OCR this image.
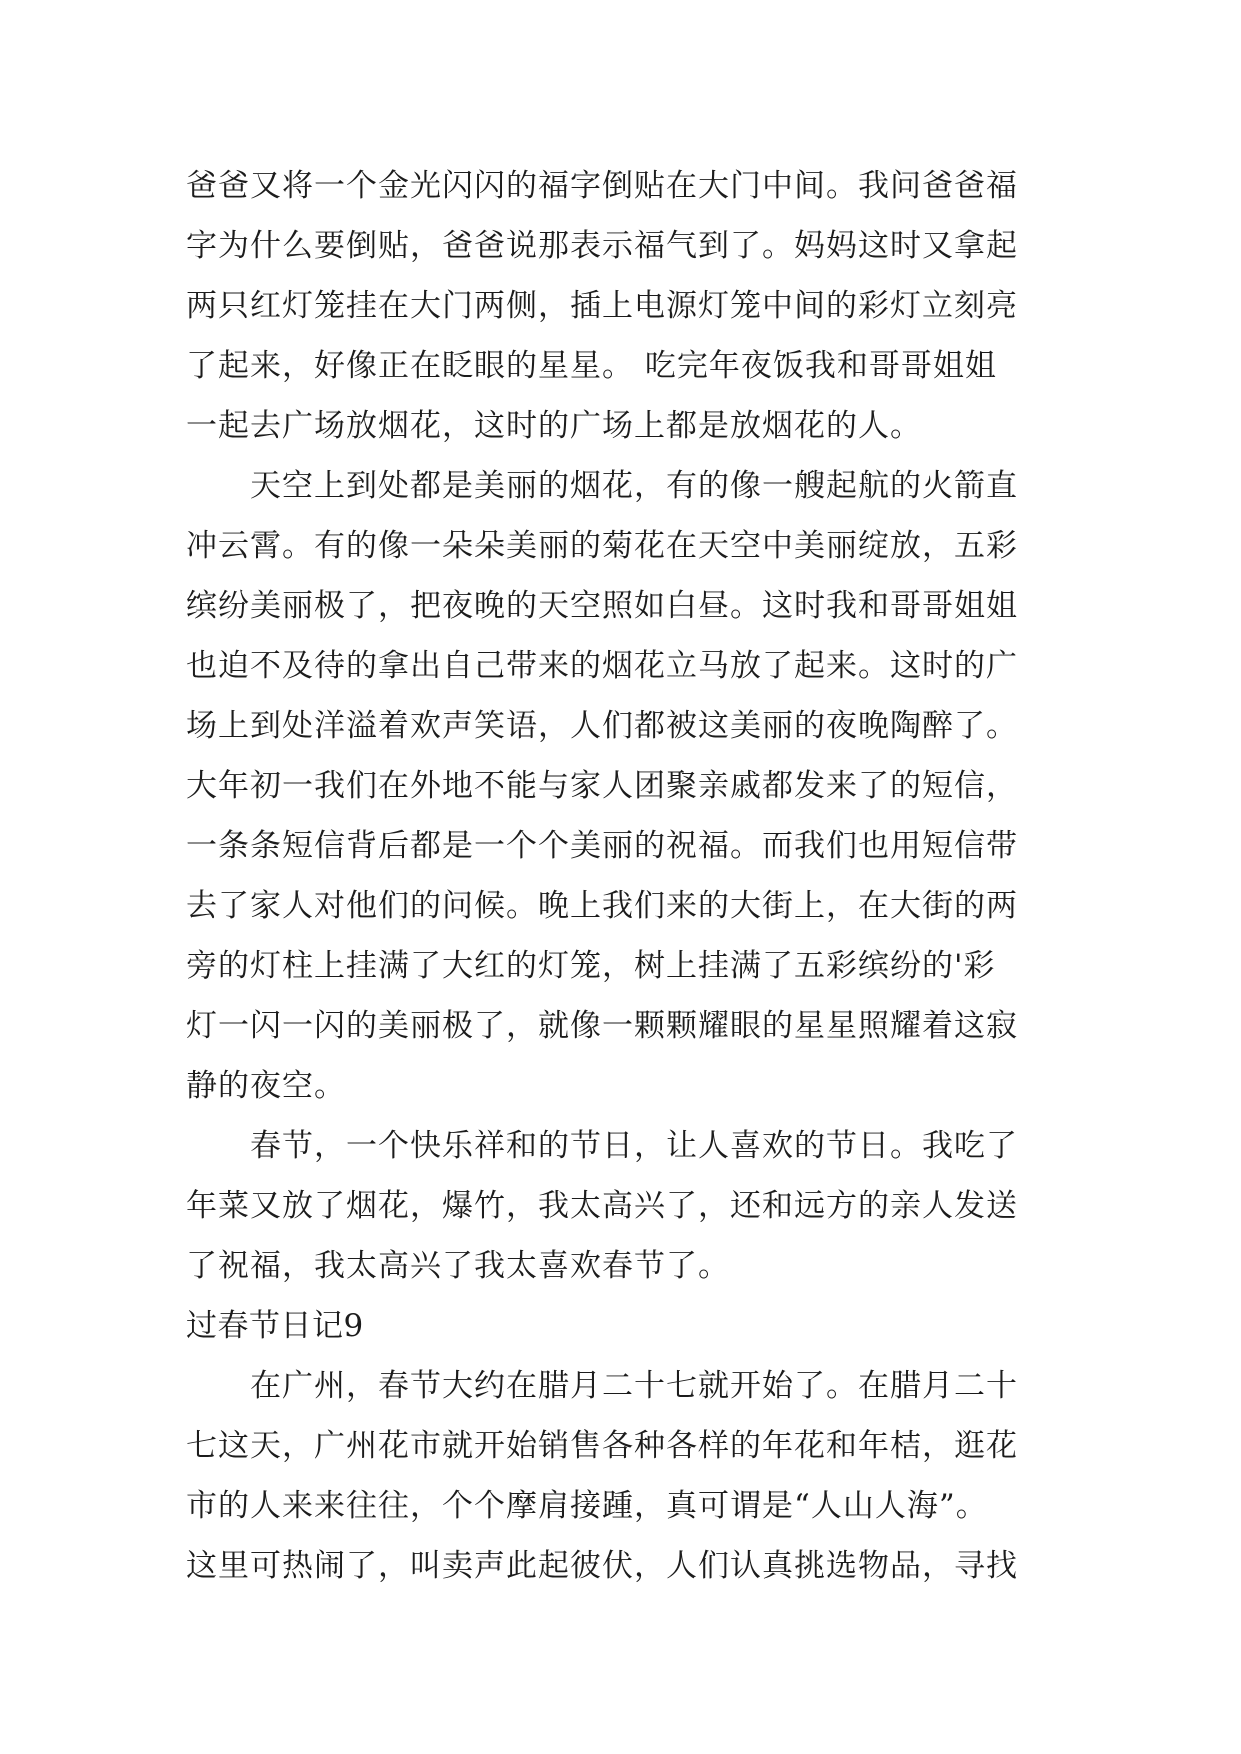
爸爸又将一个金光闪闪的福字倒贴在大门中间。我问爸爸福
字为什么要倒贴，爸爸说那表示福气到了。妈妈这时又拿起
两只红灯笼挂在大门两侧，插上电源灯笼中间的彩灯立刻亮
了起来，好像正在眨眼的星星。 吃完年夜饭我和哥哥姐姐
一起去广场放烟花，这时的广场上都是放烟花的人。
天空上到处都是美丽的烟花，有的像一艘起航的火箭直
冲云霄。有的像一朵朵美丽的菊花在天空中美丽绽放，五彩
缤纷美丽极了，把夜晚的天空照如白昼。这时我和哥哥姐姐
也迫不及待的拿出自己带来的烟花立马放了起来。这时的广
场上到处洋溢着欢声笑语，人们都被这美丽的夜晚陶醉了。
大年初一我们在外地不能与家人团聚亲戚都发来了的短信，
一条条短信背后都是一个个美丽的祝福。而我们也用短信带
去了家人对他们的问候。晚上我们来的大街上，在大街的两
旁的灯柱上挂满了大红的灯笼，树上挂满了五彩缤纷的'彩
灯一闪一闪的美丽极了，就像一颗颗耀眼的星星照耀着这寂
静的夜空。
春节，一个快乐祥和的节日，让人喜欢的节日。我吃了
年菜又放了烟花，爆竹，我太高兴了，还和远方的亲人发送
了祝福，我太高兴了我太喜欢春节了。
过春节日记9
在广州，春节大约在腊月二十七就开始了。在腊月二十
七这天，广州花市就开始销售各种各样的年花和年桔，逛花
市的人来来往往，个个摩肩接踵，真可谓是“人山人海”。
这里可热闹了，叫卖声此起彼伏，人们认真挑选物品，寻找
